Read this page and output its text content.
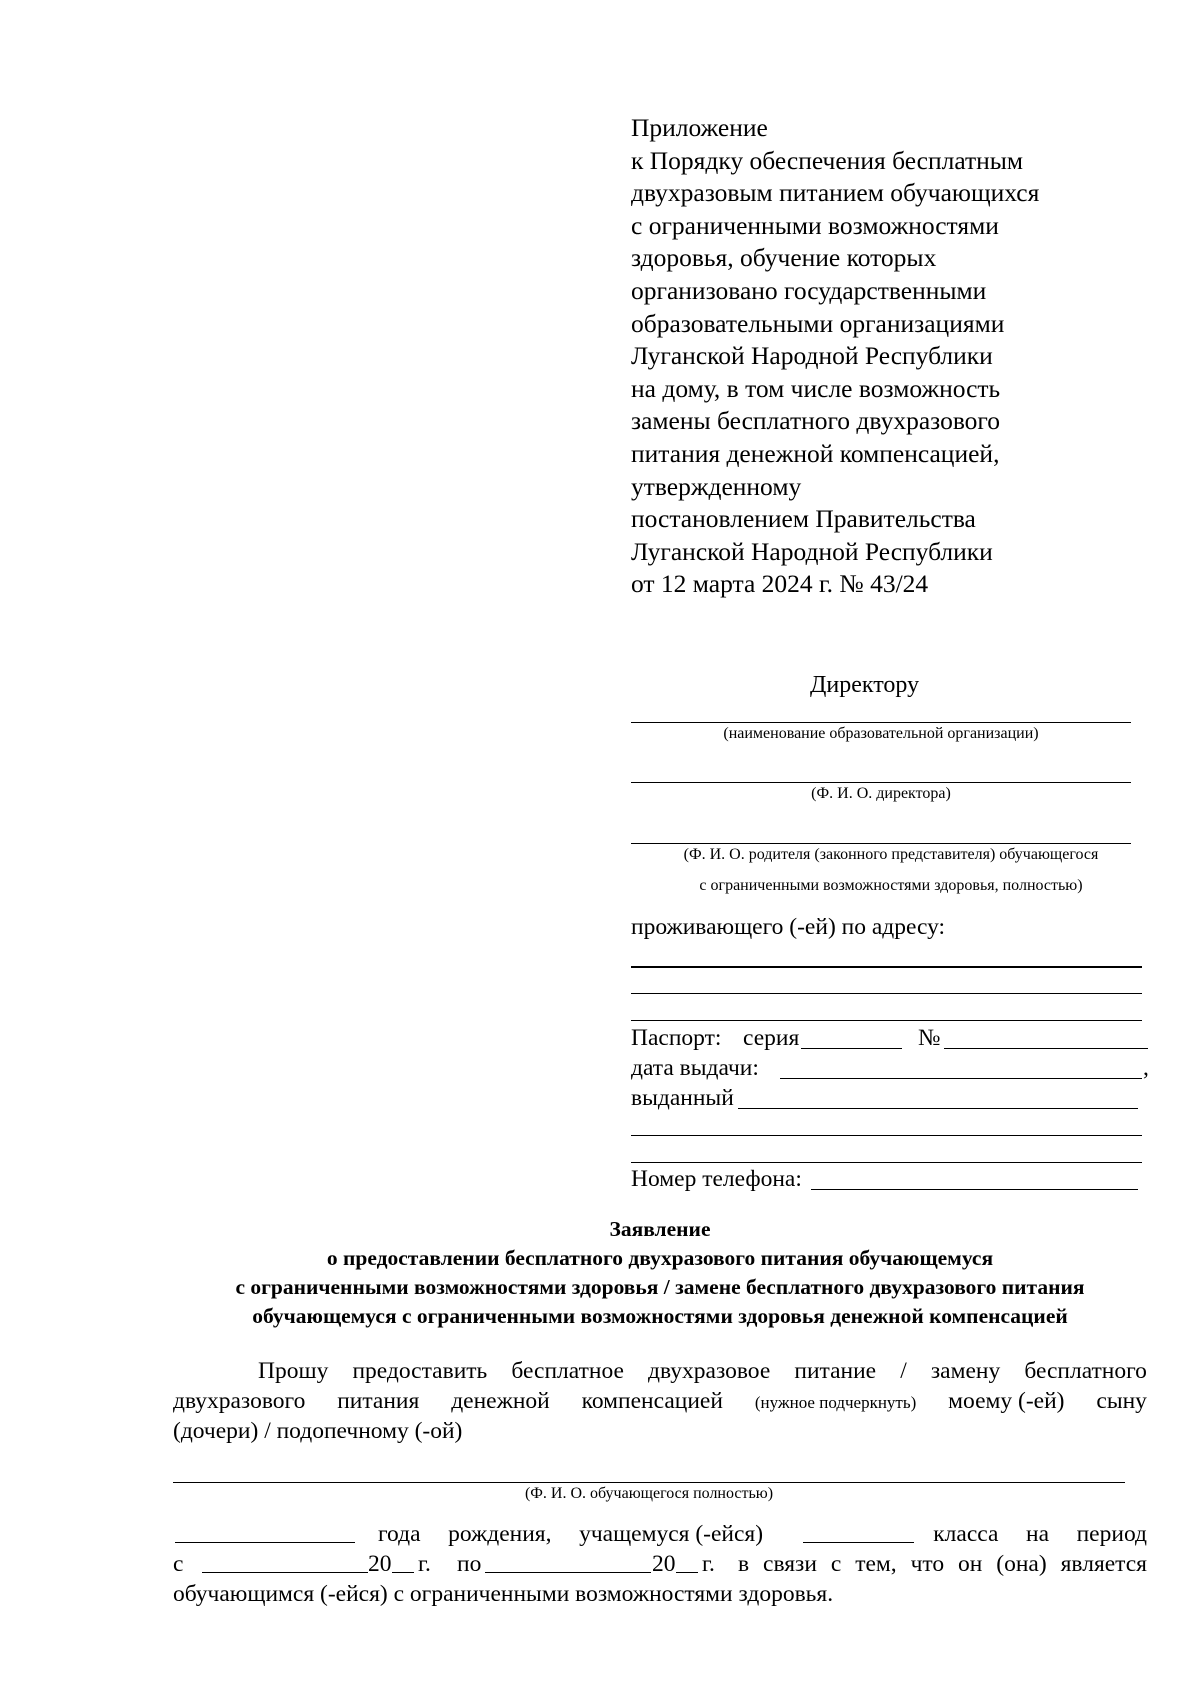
Приложение
к Порядку обеспечения бесплатным
двухразовым питанием обучающихся
с ограниченными возможностями
здоровья, обучение которых
организовано государственными
образовательными организациями
Луганской Народной Республики
на дому, в том числе возможность
замены бесплатного двухразового
питания денежной компенсацией,
утвержденному
постановлением Правительства
Луганской Народной Республики
от 12 марта 2024 г. № 43/24
Директору
(наименование образовательной организации)
(Ф. И. О. директора)
(Ф. И. О. родителя (законного представителя) обучающегося
с ограниченными возможностями здоровья, полностью)
проживающего (-ей) по адресу:
Паспорт: серия	№
дата выдачи:	,
выданный
Номер телефона:
Заявление
о предоставлении бесплатного двухразового питания обучающемуся
с ограниченными возможностями здоровья / замене бесплатного двухразового питания
обучающемуся с ограниченными возможностями здоровья денежной компенсацией
Прошу предоставить бесплатное двухразовое питание / замену бесплатного
двухразового питания денежной компенсацией (нужное подчеркнуть) моему (-ей) сыну
(дочери) / подопечному (-ой)
(Ф. И. О. обучающегося полностью)
года рождения, учащемуся (-ейся)	класса на период
с	20 г. по	20 г. в связи с тем, что он (она) является
обучающимся (-ейся) с ограниченными возможностями здоровья.
